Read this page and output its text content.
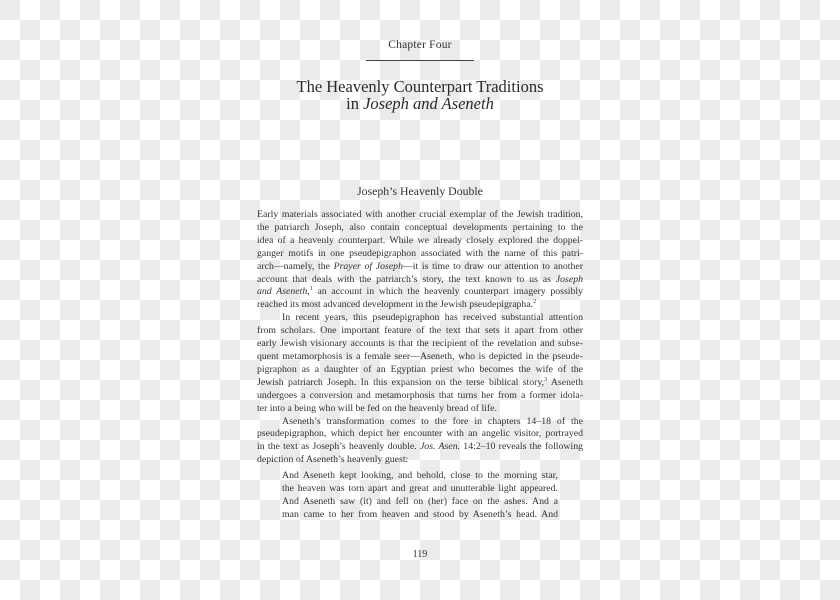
Chapter Four
The Heavenly Counterpart Traditions
in Joseph and Aseneth
Joseph’s Heavenly Double
Early materials associated with another crucial exemplar of the Jewish tradition,
the patriarch Joseph, also contain conceptual developments pertaining to the
idea of a heavenly counterpart. While we already closely explored the doppel-
ganger motifs in one pseudepigraphon associated with the name of this patri-
arch—namely, the Prayer of Joseph—it is time to draw our attention to another
account that deals with the patriarch’s story, the text known to us as Joseph
and Aseneth,$^1$ an account in which the heavenly counterpart imagery possibly
reached its most advanced development in the Jewish pseudepigrapha.$^2$
In recent years, this pseudepigraphon has received substantial attention
from scholars. One important feature of the text that sets it apart from other
early Jewish visionary accounts is that the recipient of the revelation and subse-
quent metamorphosis is a female seer—Aseneth, who is depicted in the pseude-
pigraphon as a daughter of an Egyptian priest who becomes the wife of the
Jewish patriarch Joseph. In this expansion on the terse biblical story,$^3$ Aseneth
undergoes a conversion and metamorphosis that turns her from a former idola-
ter into a being who will be fed on the heavenly bread of life.
Aseneth’s transformation comes to the fore in chapters 14–18 of the
pseudepigraphon, which depict her encounter with an angelic visitor, portrayed
in the text as Joseph’s heavenly double. Jos. Asen. 14:2–10 reveals the following
depiction of Aseneth’s heavenly guest:
And Aseneth kept looking, and behold, close to the morning star,
the heaven was torn apart and great and unutterable light appeared.
And Aseneth saw (it) and fell on (her) face on the ashes. And a
man came to her from heaven and stood by Aseneth’s head. And
119
